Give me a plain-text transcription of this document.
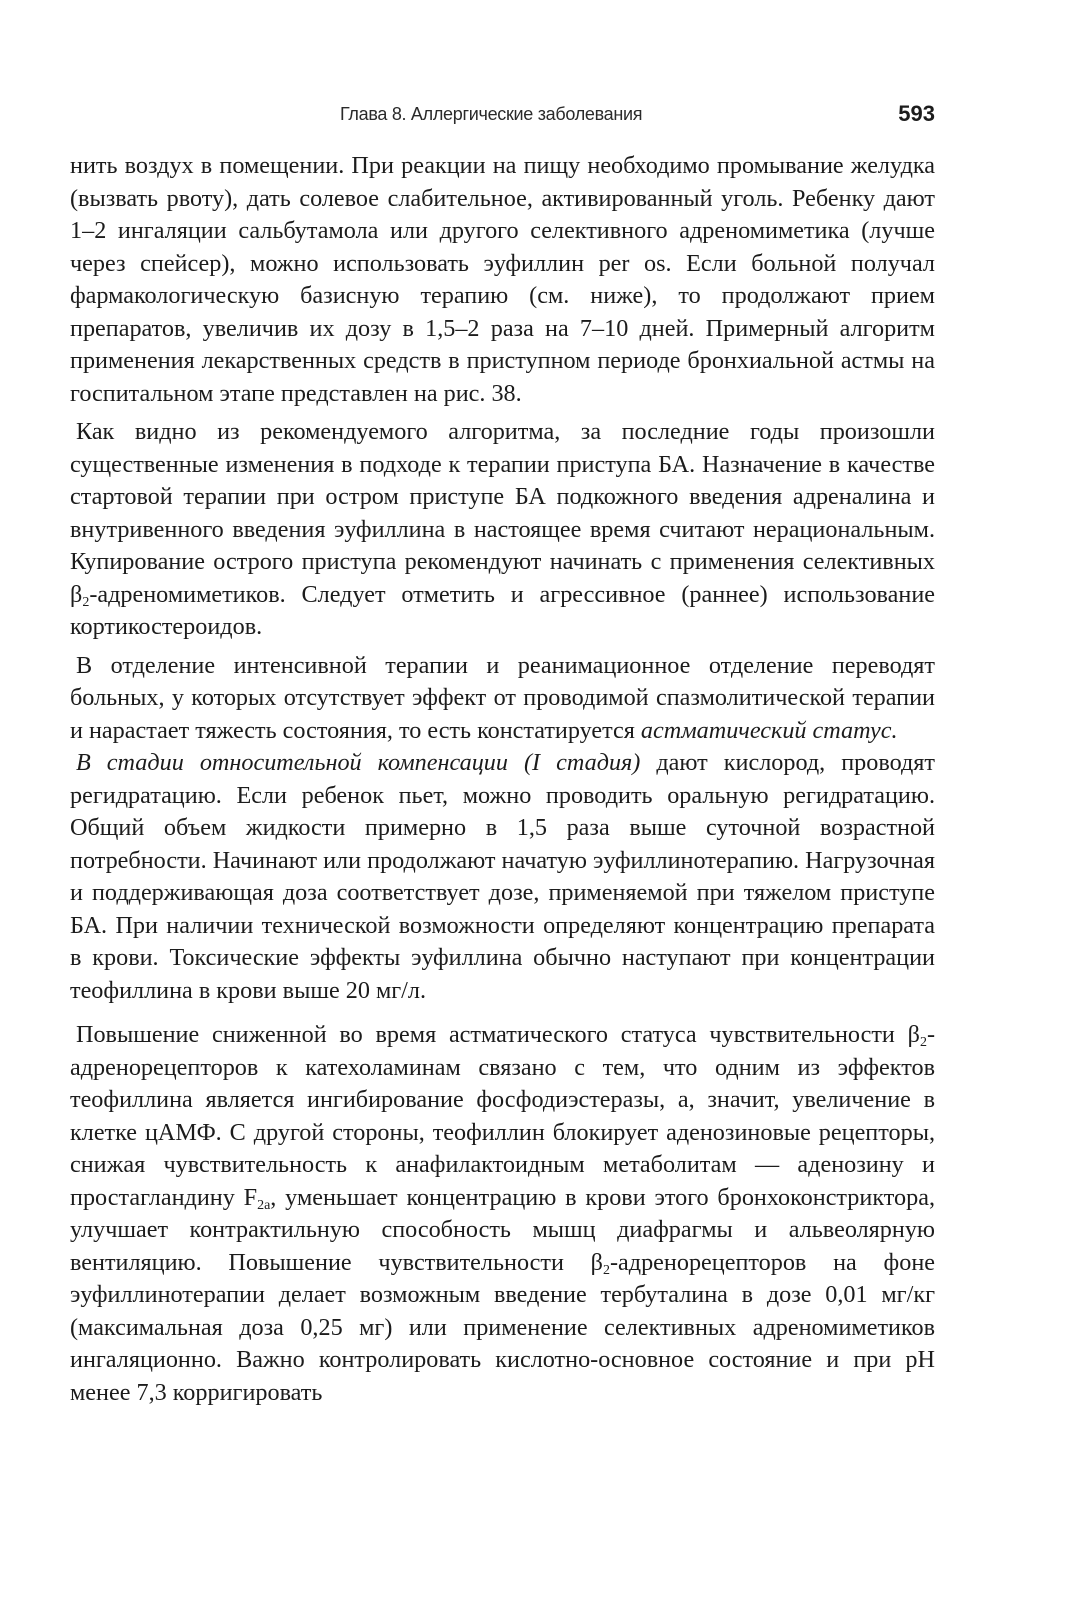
Глава 8. Аллергические заболевания	593

нить воздух в помещении. При реакции на пищу необходимо промывание желудка (вызвать рвоту), дать солевое слабительное, активированный уголь. Ребенку дают 1–2 ингаляции сальбутамола или другого селективного адреномиметика (лучше через спейсер), можно использовать эуфиллин per os. Если больной получал фармакологическую базисную терапию (см. ниже), то продолжают прием препаратов, увеличив их дозу в 1,5–2 раза на 7–10 дней. Примерный алгоритм применения лекарственных средств в приступном периоде бронхиальной астмы на госпитальном этапе представлен на рис. 38.

Как видно из рекомендуемого алгоритма, за последние годы произошли существенные изменения в подходе к терапии приступа БА. Назначение в качестве стартовой терапии при остром приступе БА подкожного введения адреналина и внутривенного введения эуфиллина в настоящее время считают нерациональным. Купирование острого приступа рекомендуют начинать с применения селективных $\beta_2$-адреномиметиков. Следует отметить и агрессивное (раннее) использование кортикостероидов.

В отделение интенсивной терапии и реанимационное отделение переводят больных, у которых отсутствует эффект от проводимой спазмолитической терапии и нарастает тяжесть состояния, то есть констатируется астматический статус.

В стадии относительной компенсации (I стадия) дают кислород, проводят регидратацию. Если ребенок пьет, можно проводить оральную регидратацию. Общий объем жидкости примерно в 1,5 раза выше суточной возрастной потребности. Начинают или продолжают начатую эуфиллинотерапию. Нагрузочная и поддерживающая доза соответствует дозе, применяемой при тяжелом приступе БА. При наличии технической возможности определяют концентрацию препарата в крови. Токсические эффекты эуфиллина обычно наступают при концентрации теофиллина в крови выше 20 мг/л.

Повышение сниженной во время астматического статуса чувствительности $\beta_2$-адренорецепторов к катехоламинам связано с тем, что одним из эффектов теофиллина является ингибирование фосфодиэстеразы, а, значит, увеличение в клетке цАМФ. С другой стороны, теофиллин блокирует аденозиновые рецепторы, снижая чувствительность к анафилактоидным метаболитам — аденозину и простагландину $F_{2a}$, уменьшает концентрацию в крови этого бронхоконстриктора, улучшает контрактильную способность мышц диафрагмы и альвеолярную вентиляцию. Повышение чувствительности $\beta_2$-адренорецепторов на фоне эуфиллинотерапии делает возможным введение тербуталина в дозе 0,01 мг/кг (максимальная доза 0,25 мг) или применение селективных адреномиметиков ингаляционно. Важно контролировать кислотно-основное состояние и при pH менее 7,3 корригировать
